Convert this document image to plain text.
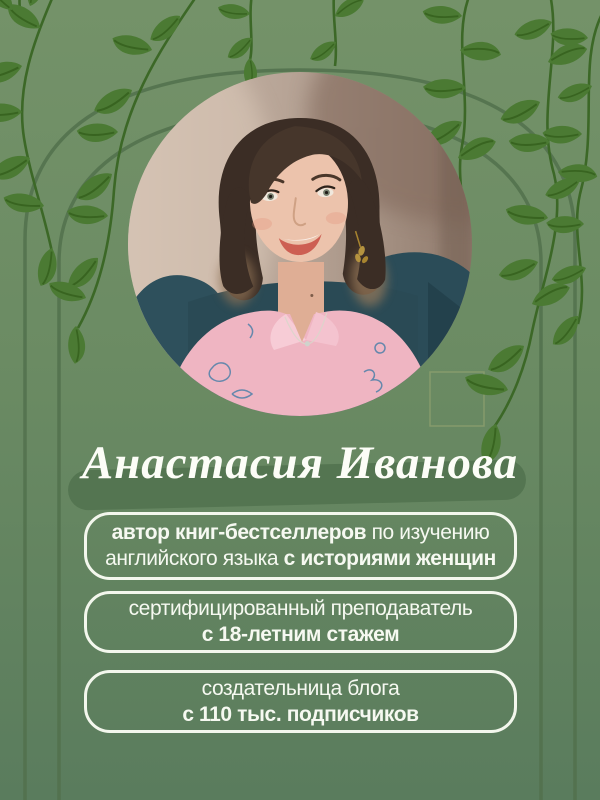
Анастасия Иванова
автор книг-бестселлеров по изучению
английского языка с историями женщин
сертифицированный преподаватель
с 18-летним стажем
создательница блога
с 110 тыс. подписчиков
